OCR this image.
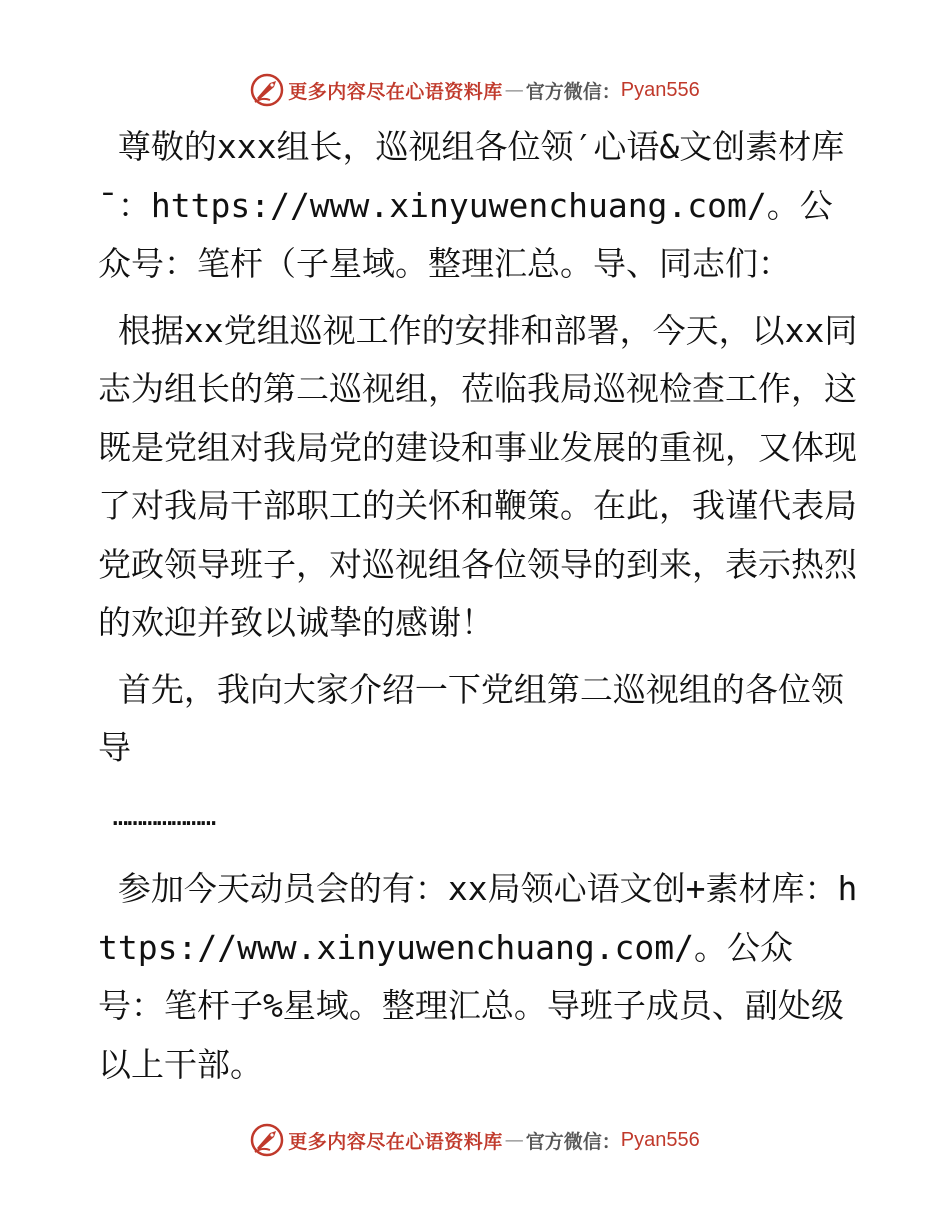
更多内容尽在心语资料库 — 官方微信： Pyan556

尊敬的xxx组长，巡视组各位领′心语&文创素材库¯：https://www.xinyuwenchuang.com/。公众号：笔杆（子星域。整理汇总。导、同志们：

根据xx党组巡视工作的安排和部署，今天，以xx同志为组长的第二巡视组，莅临我局巡视检查工作，这既是党组对我局党的建设和事业发展的重视，又体现了对我局干部职工的关怀和鞭策。在此，我谨代表局党政领导班子，对巡视组各位领导的到来，表示热烈的欢迎并致以诚挚的感谢！

首先，我向大家介绍一下党组第二巡视组的各位领导

…………………

参加今天动员会的有：xx局领心语文创+素材库：https://www.xinyuwenchuang.com/。公众号：笔杆子%星域。整理汇总。导班子成员、副处级以上干部。

更多内容尽在心语资料库 — 官方微信： Pyan556
